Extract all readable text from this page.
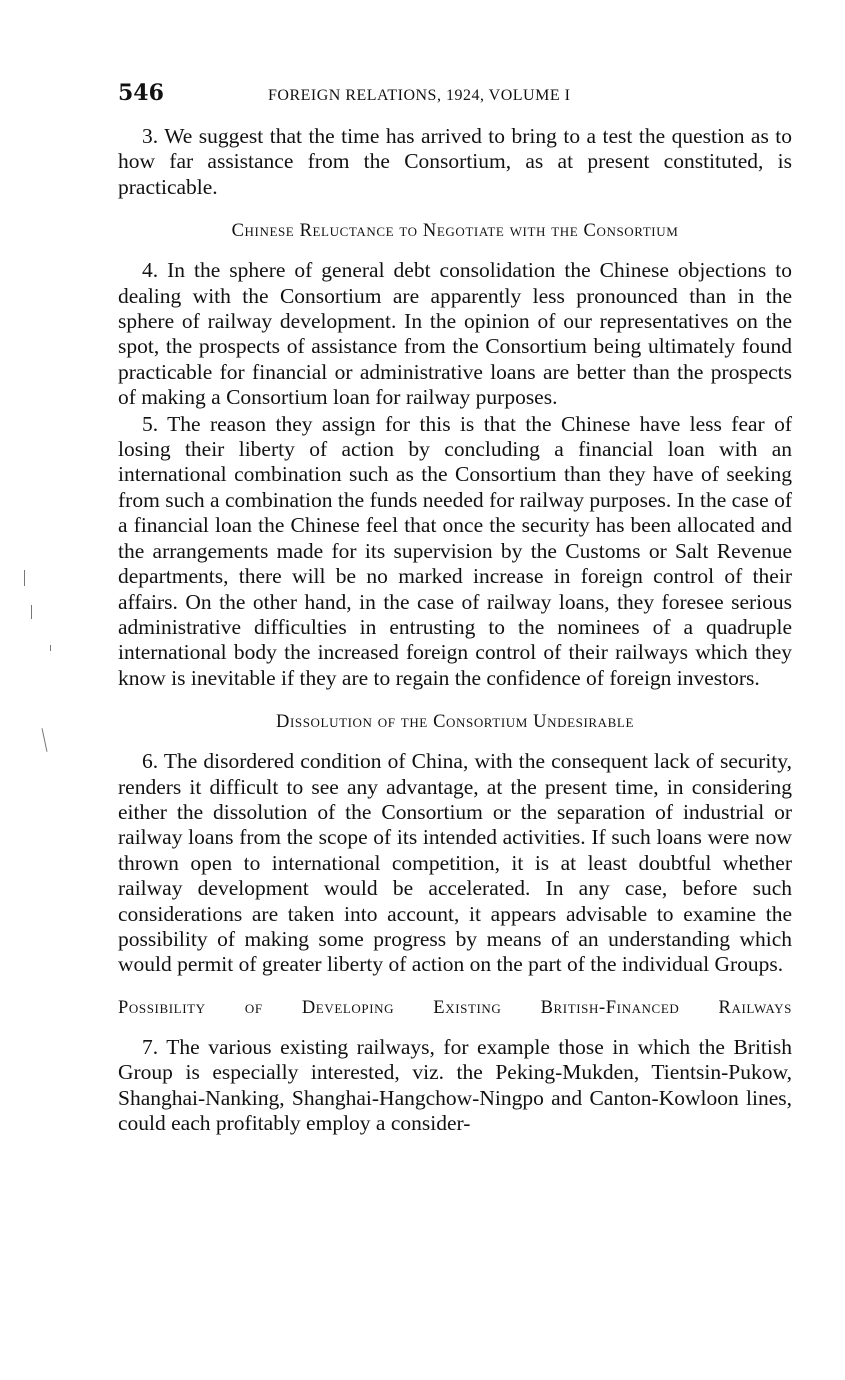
546	FOREIGN RELATIONS, 1924, VOLUME I

3. We suggest that the time has arrived to bring to a test the question as to how far assistance from the Consortium, as at present constituted, is practicable.

Chinese Reluctance to Negotiate with the Consortium

4. In the sphere of general debt consolidation the Chinese objections to dealing with the Consortium are apparently less pronounced than in the sphere of railway development. In the opinion of our representatives on the spot, the prospects of assistance from the Consortium being ultimately found practicable for financial or administrative loans are better than the prospects of making a Consortium loan for railway purposes.

5. The reason they assign for this is that the Chinese have less fear of losing their liberty of action by concluding a financial loan with an international combination such as the Consortium than they have of seeking from such a combination the funds needed for railway purposes. In the case of a financial loan the Chinese feel that once the security has been allocated and the arrangements made for its supervision by the Customs or Salt Revenue departments, there will be no marked increase in foreign control of their affairs. On the other hand, in the case of railway loans, they foresee serious administrative difficulties in entrusting to the nominees of a quadruple international body the increased foreign control of their railways which they know is inevitable if they are to regain the confidence of foreign investors.

Dissolution of the Consortium Undesirable

6. The disordered condition of China, with the consequent lack of security, renders it difficult to see any advantage, at the present time, in considering either the dissolution of the Consortium or the separation of industrial or railway loans from the scope of its intended activities. If such loans were now thrown open to international competition, it is at least doubtful whether railway development would be accelerated. In any case, before such considerations are taken into account, it appears advisable to examine the possibility of making some progress by means of an understanding which would permit of greater liberty of action on the part of the individual Groups.

Possibility of Developing Existing British-Financed Railways

7. The various existing railways, for example those in which the British Group is especially interested, viz. the Peking-Mukden, Tientsin-Pukow, Shanghai-Nanking, Shanghai-Hangchow-Ningpo and Canton-Kowloon lines, could each profitably employ a consider-
